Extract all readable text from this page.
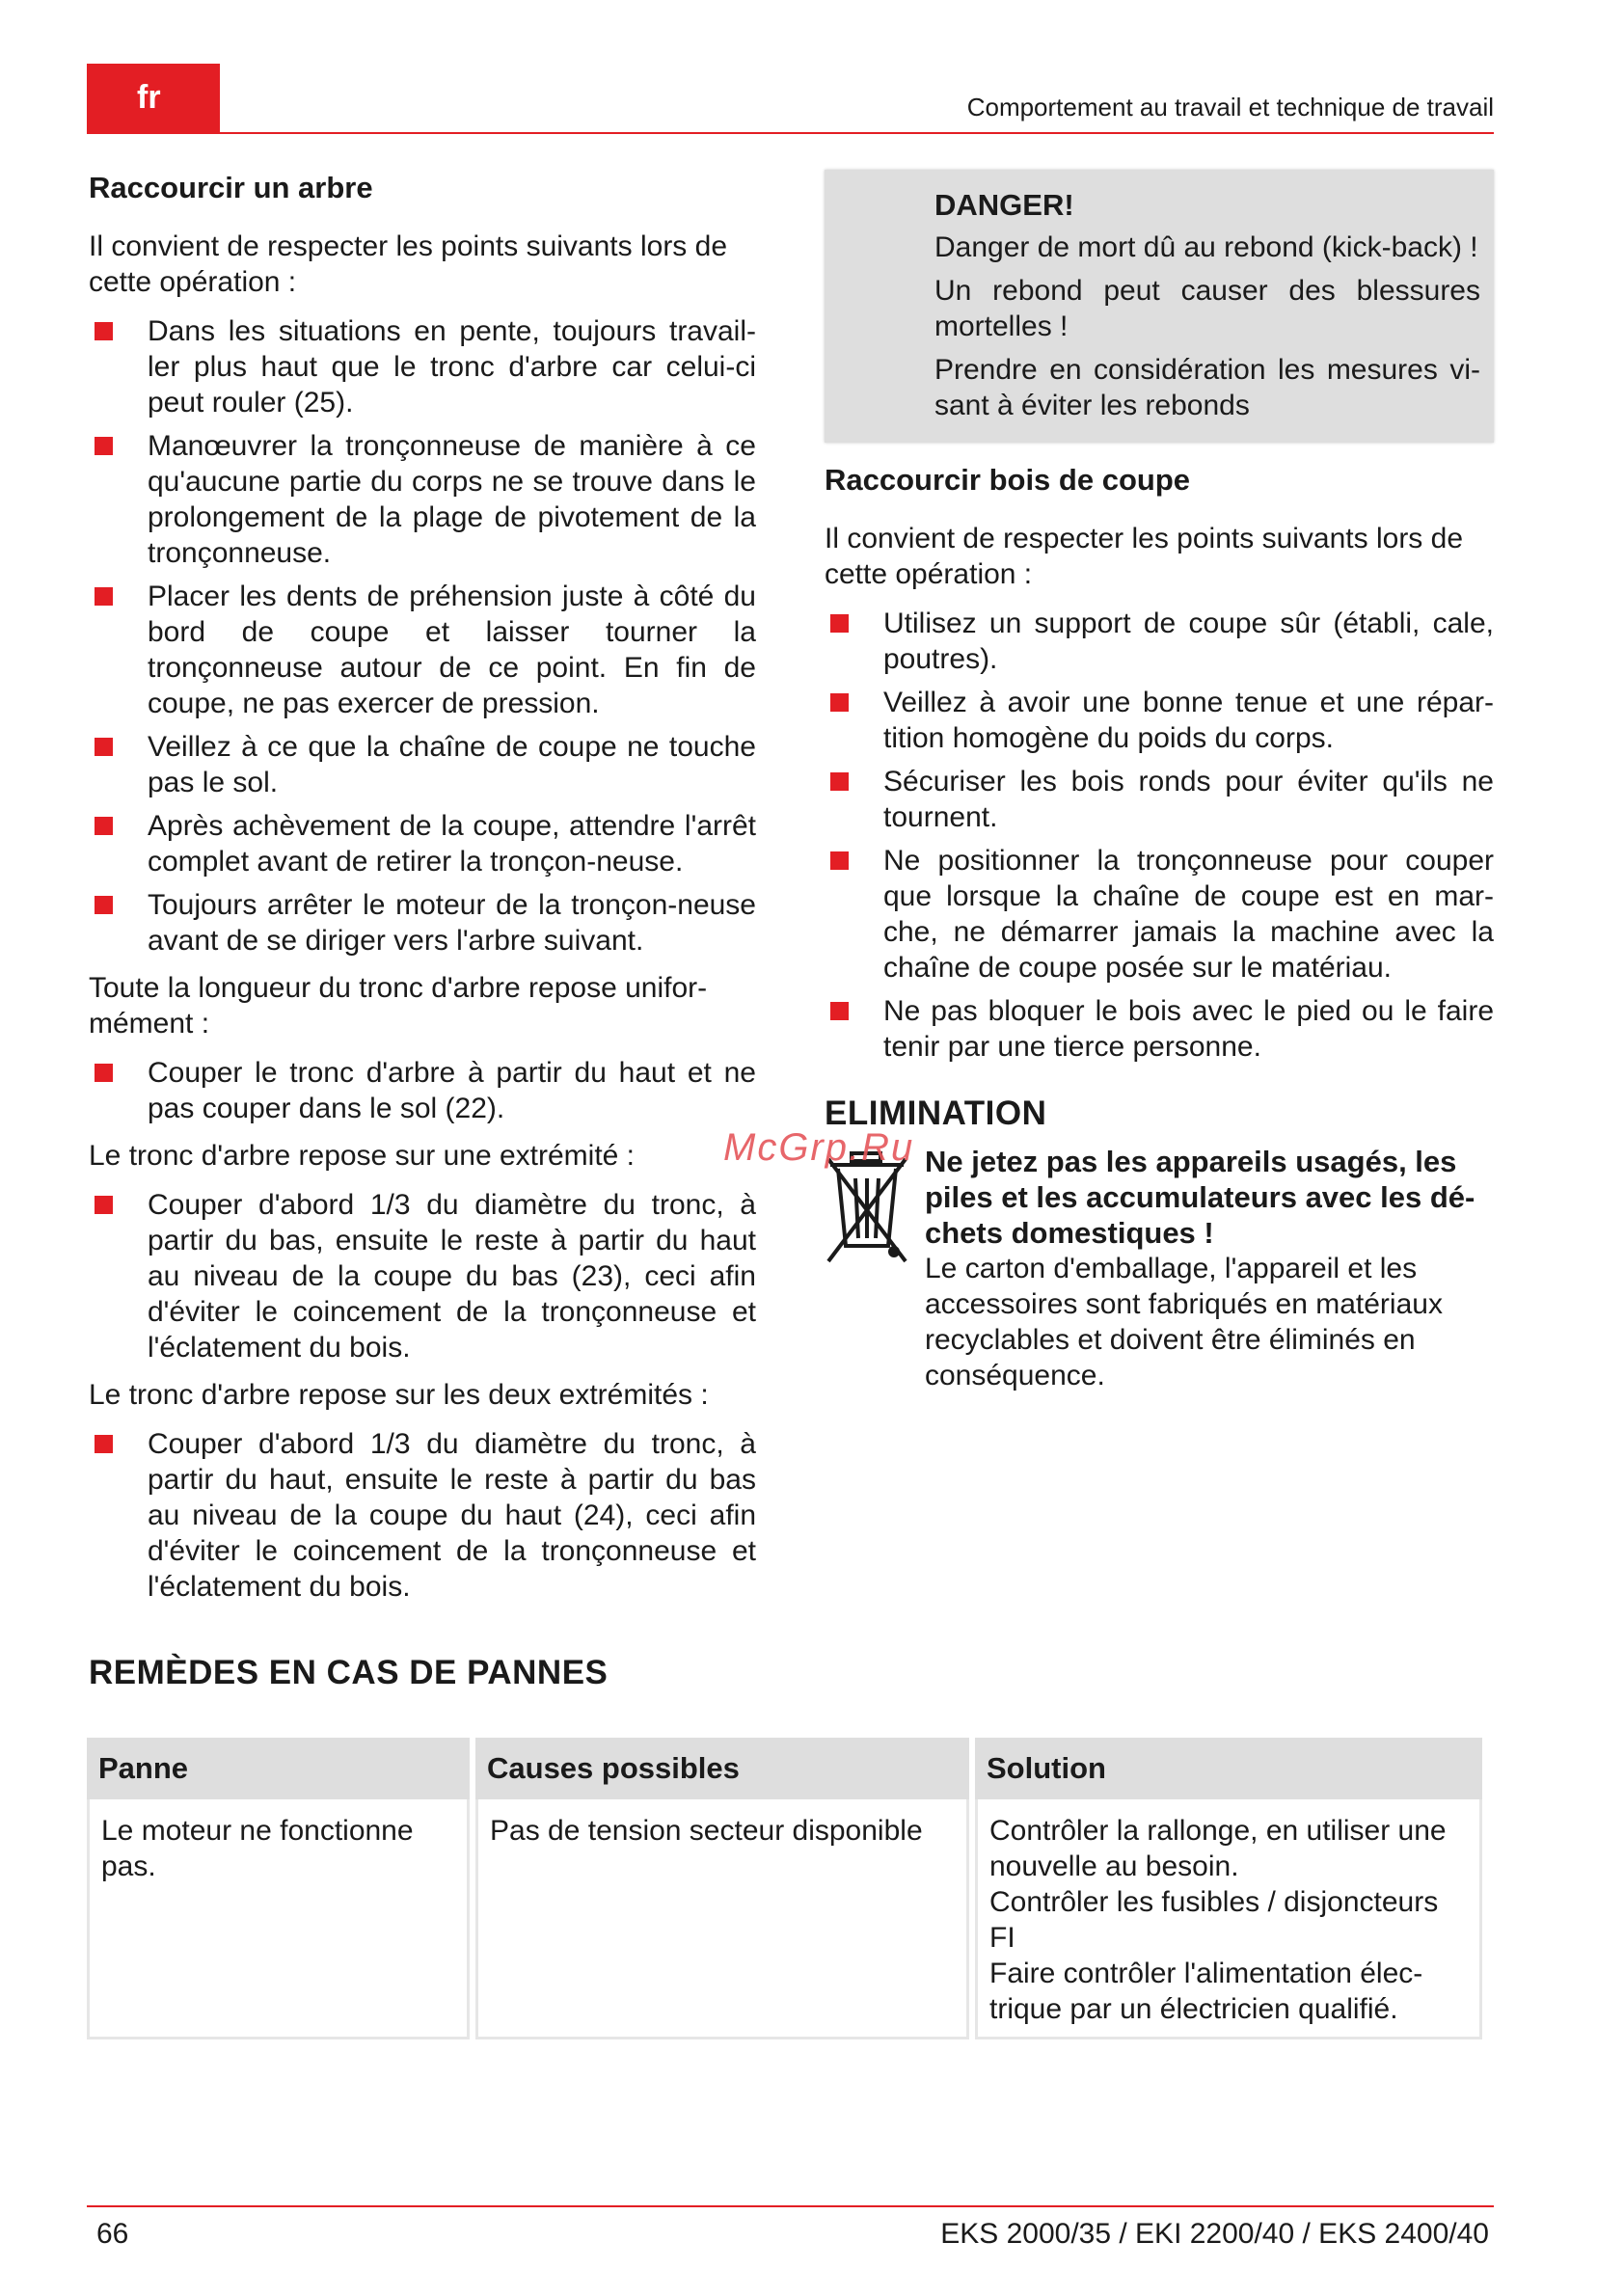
fr	Comportement au travail et technique de travail
Raccourcir un arbre

Il convient de respecter les points suivants lors de cette opération :

Dans les situations en pente, toujours travail-ler plus haut que le tronc d'arbre car celui-ci peut rouler (25).
Manœuvrer la tronçonneuse de manière à ce qu'aucune partie du corps ne se trouve dans le prolongement de la plage de pivotement de la tronçonneuse.
Placer les dents de préhension juste à côté du bord de coupe et laisser tourner la tronçonneuse autour de ce point. En fin de coupe, ne pas exercer de pression.
Veillez à ce que la chaîne de coupe ne touche pas le sol.
Après achèvement de la coupe, attendre l'arrêt complet avant de retirer la tronçon-neuse.
Toujours arrêter le moteur de la tronçon-neuse avant de se diriger vers l'arbre suivant.

Toute la longueur du tronc d'arbre repose unifor-mément :

Couper le tronc d'arbre à partir du haut et ne pas couper dans le sol (22).

Le tronc d'arbre repose sur une extrémité :

Couper d'abord 1/3 du diamètre du tronc, à partir du bas, ensuite le reste à partir du haut au niveau de la coupe du bas (23), ceci afin d'éviter le coincement de la tronçonneuse et l'éclatement du bois.

Le tronc d'arbre repose sur les deux extrémités :

Couper d'abord 1/3 du diamètre du tronc, à partir du haut, ensuite le reste à partir du bas au niveau de la coupe du haut (24), ceci afin d'éviter le coincement de la tronçonneuse et l'éclatement du bois.
DANGER!

Danger de mort dû au rebond (kick-back) !

Un rebond peut causer des blessures mortelles !

Prendre en considération les mesures vi-sant à éviter les rebonds

Raccourcir bois de coupe

Il convient de respecter les points suivants lors de cette opération :

Utilisez un support de coupe sûr (établi, cale, poutres).
Veillez à avoir une bonne tenue et une répar-tition homogène du poids du corps.
Sécuriser les bois ronds pour éviter qu'ils ne tournent.
Ne positionner la tronçonneuse pour couper que lorsque la chaîne de coupe est en mar-che, ne démarrer jamais la machine avec la chaîne de coupe posée sur le matériau.
Ne pas bloquer le bois avec le pied ou le faire tenir par une tierce personne.
ELIMINATION
Ne jetez pas les appareils usagés, les piles et les accumulateurs avec les dé-chets domestiques !
Le carton d'emballage, l'appareil et les accessoires sont fabriqués en matériaux recyclables et doivent être éliminés en conséquence.
McGrp.Ru
REMÈDES EN CAS DE PANNES
Panne	Causes possibles	Solution
Le moteur ne fonctionne pas.	Pas de tension secteur disponible	Contrôler la rallonge, en utiliser une nouvelle au besoin.
Contrôler les fusibles / disjoncteurs FI
Faire contrôler l'alimentation élec-trique par un électricien qualifié.
66	EKS 2000/35 / EKI 2200/40 / EKS 2400/40
